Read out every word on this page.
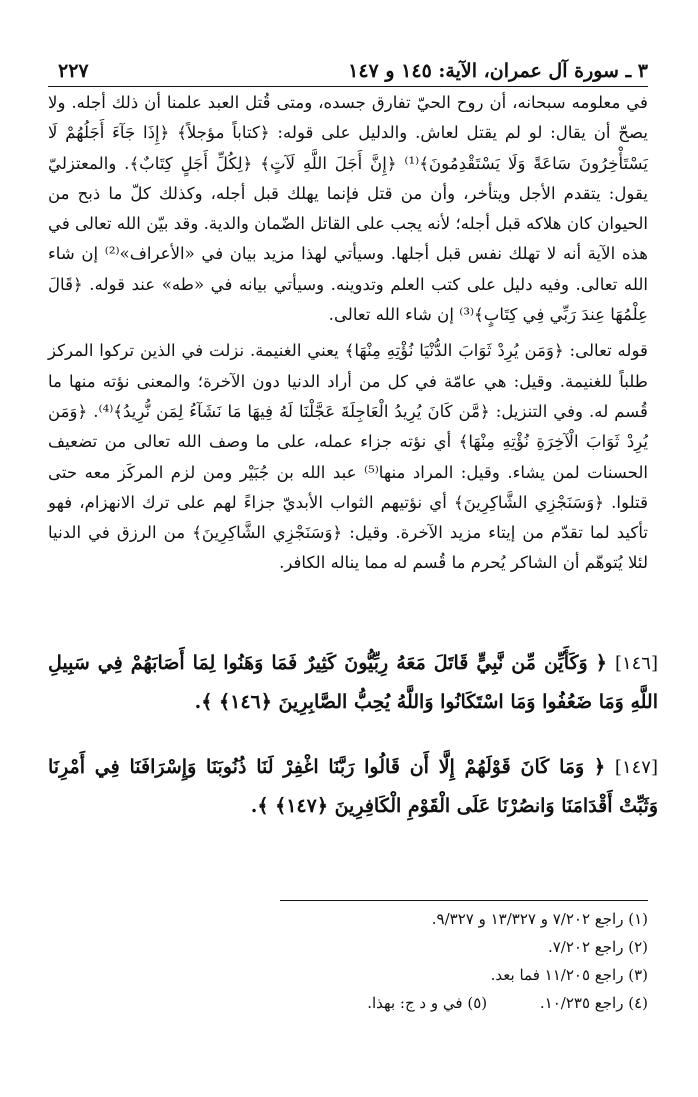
٣ ـ سورة آل عمران، الآية: ١٤٥ و ١٤٧
٢٢٧

في معلومه سبحانه، أن روح الحيّ تفارق جسده، ومتى قُتل العبد علمنا أن ذلك أجله. ولا يصحّ أن يقال: لو لم يقتل لعاش. والدليل على قوله: ﴿كتاباً مؤجلاً﴾ ﴿إِذَا جَآءَ أَجَلُهُمْ لَا يَسْتَأْخِرُونَ سَاعَةً وَلَا يَسْتَقْدِمُونَ﴾⁽¹⁾ ﴿إِنَّ أَجَلَ اللَّهِ لَآتٍ﴾ ﴿لِكُلِّ أَجَلٍ كِتَابٌ﴾. والمعتزليّ يقول: يتقدم الأجل ويتأخر، وأن من قتل فإنما يهلك قبل أجله، وكذلك كلّ ما ذبح من الحيوان كان هلاكه قبل أجله؛ لأنه يجب على القاتل الضّمان والدية. وقد بيّن الله تعالى في هذه الآية أنه لا تهلك نفس قبل أجلها. وسيأتي لهذا مزيد بيان في «الأعراف»⁽²⁾ إن شاء الله تعالى. وفيه دليل على كتب العلم وتدوينه. وسيأتي بيانه في «طه» عند قوله. ﴿قَالَ عِلْمُهَا عِندَ رَبِّي فِي كِتَابٍ﴾⁽³⁾ إن شاء الله تعالى.

قوله تعالى: ﴿وَمَن يُرِدْ ثَوَابَ الدُّنْيَا نُؤْتِهِ مِنْهَا﴾ يعني الغنيمة. نزلت في الذين تركوا المركز طلباً للغنيمة. وقيل: هي عامّة في كل من أراد الدنيا دون الآخرة؛ والمعنى نؤته منها ما قُسم له. وفي التنزيل: ﴿مَّن كَانَ يُرِيدُ الْعَاجِلَةَ عَجَّلْنَا لَهُ فِيهَا مَا نَشَآءُ لِمَن نُّرِيدُ﴾⁽⁴⁾. ﴿وَمَن يُرِدْ ثَوَابَ الْآخِرَةِ نُؤْتِهِ مِنْهَا﴾ أي نؤته جزاء عمله، على ما وصف الله تعالى من تضعيف الحسنات لمن يشاء. وقيل: المراد منها⁽⁵⁾ عبد الله بن جُبَيْر ومن لزم المركَز معه حتى قتلوا. ﴿وَسَنَجْزِي الشَّاكِرِينَ﴾ أي نؤتيهم الثواب الأبديّ جزاءً لهم على ترك الانهزام، فهو تأكيد لما تقدّم من إيتاء مزيد الآخرة. وقيل: ﴿وَسَنَجْزِي الشَّاكِرِينَ﴾ من الرزق في الدنيا لئلا يُتوهّم أن الشاكر يُحرم ما قُسم له مما يناله الكافر.

[١٤٦] ﴿ وَكَأَيِّن مِّن نَّبِيٍّ قَاتَلَ مَعَهُ رِبِّيُّونَ كَثِيرٌ فَمَا وَهَنُوا لِمَا أَصَابَهُمْ فِي سَبِيلِ اللَّهِ وَمَا ضَعُفُوا وَمَا اسْتَكَانُوا وَاللَّهُ يُحِبُّ الصَّابِرِينَ ﴿١٤٦﴾ ﴾.
[١٤٧] ﴿ وَمَا كَانَ قَوْلَهُمْ إِلَّا أَن قَالُوا رَبَّنَا اغْفِرْ لَنَا ذُنُوبَنَا وَإِسْرَافَنَا فِي أَمْرِنَا وَثَبِّتْ أَقْدَامَنَا وَانصُرْنَا عَلَى الْقَوْمِ الْكَافِرِينَ ﴿١٤٧﴾ ﴾.
(١) راجع ٧/٢٠٢ و ١٣/٣٢٧ و ٩/٣٢٧.
(٢) راجع ٧/٢٠٢.
(٣) راجع ١١/٢٠٥ فما بعد.
(٤) راجع ١٠/٢٣٥. (٥) في و د ج: بهذا.
